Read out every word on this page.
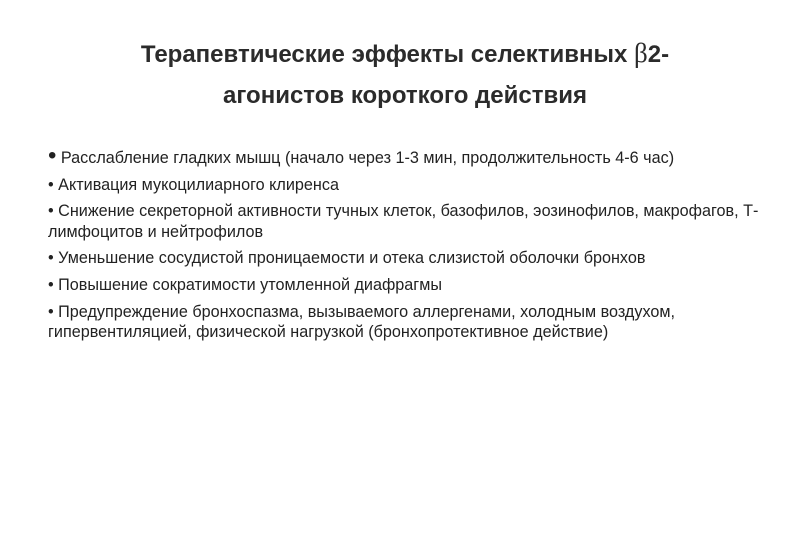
Терапевтические эффекты селективных β2-
агонистов короткого действия
• Расслабление гладких мышц (начало через 1-3 мин, продолжительность 4-6 час)
• Активация мукоцилиарного клиренса
• Снижение секреторной активности тучных клеток, базофилов, эозинофилов, макрофагов, Т-лимфоцитов и нейтрофилов
• Уменьшение сосудистой проницаемости и отека слизистой оболочки бронхов
• Повышение сократимости утомленной диафрагмы
• Предупреждение бронхоспазма, вызываемого аллергенами, холодным воздухом, гипервентиляцией, физической нагрузкой (бронхопротективное действие)
